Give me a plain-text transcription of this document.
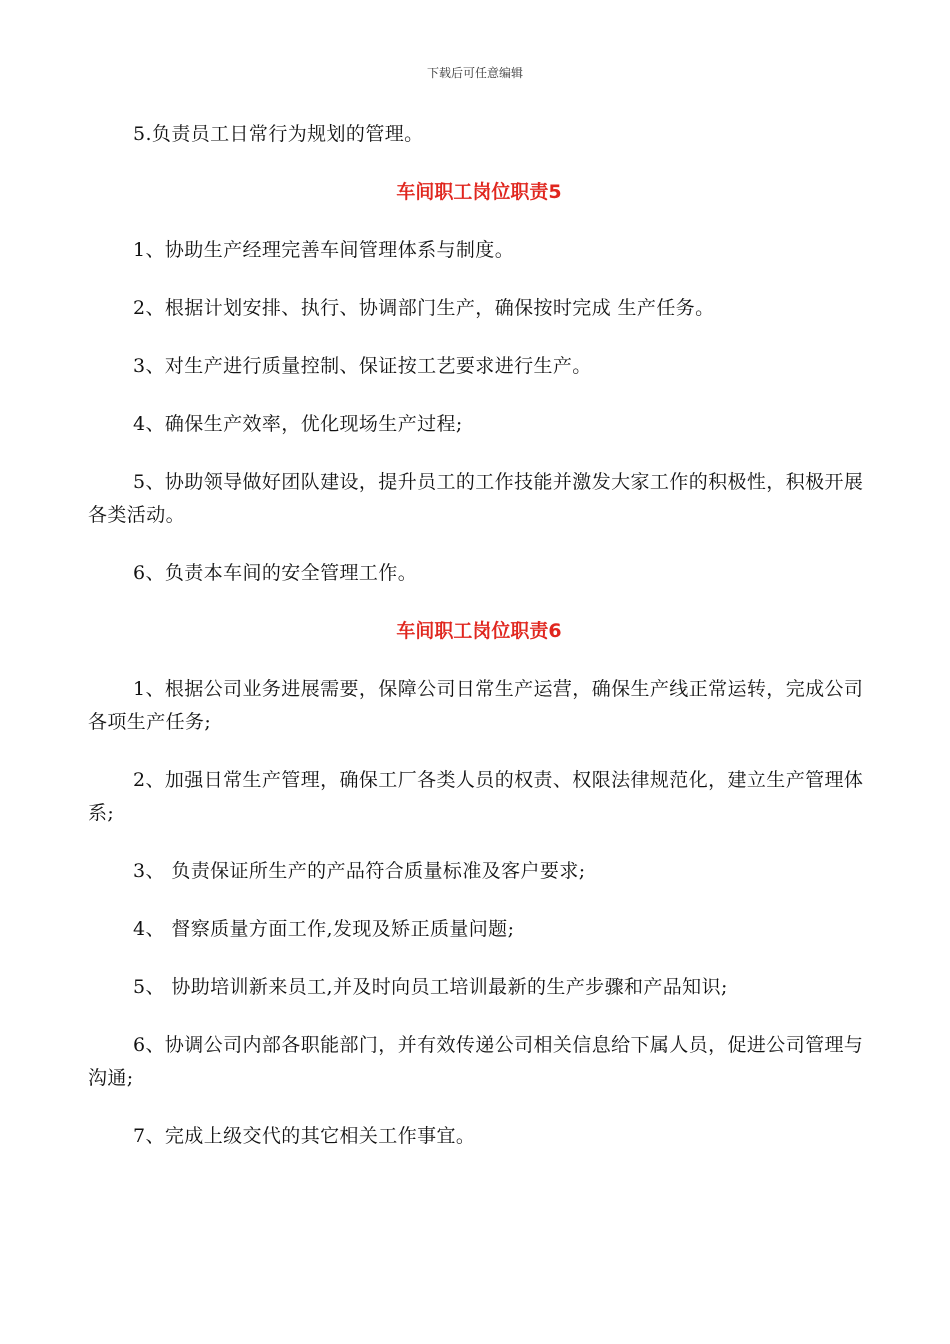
下载后可任意编辑

5.负责员工日常行为规划的管理。

车间职工岗位职责5

1、协助生产经理完善车间管理体系与制度。

2、根据计划安排、执行、协调部门生产，确保按时完成 生产任务。

3、对生产进行质量控制、保证按工艺要求进行生产。

4、确保生产效率，优化现场生产过程;

5、协助领导做好团队建设，提升员工的工作技能并激发大家工作的积极性，积极开展各类活动。

6、负责本车间的安全管理工作。

车间职工岗位职责6

1、根据公司业务进展需要，保障公司日常生产运营，确保生产线正常运转，完成公司各项生产任务;

2、加强日常生产管理，确保工厂各类人员的权责、权限法律规范化，建立生产管理体系;

3、 负责保证所生产的产品符合质量标准及客户要求;

4、 督察质量方面工作,发现及矫正质量问题;

5、 协助培训新来员工,并及时向员工培训最新的生产步骤和产品知识;

6、协调公司内部各职能部门，并有效传递公司相关信息给下属人员，促进公司管理与沟通;

7、完成上级交代的其它相关工作事宜。
